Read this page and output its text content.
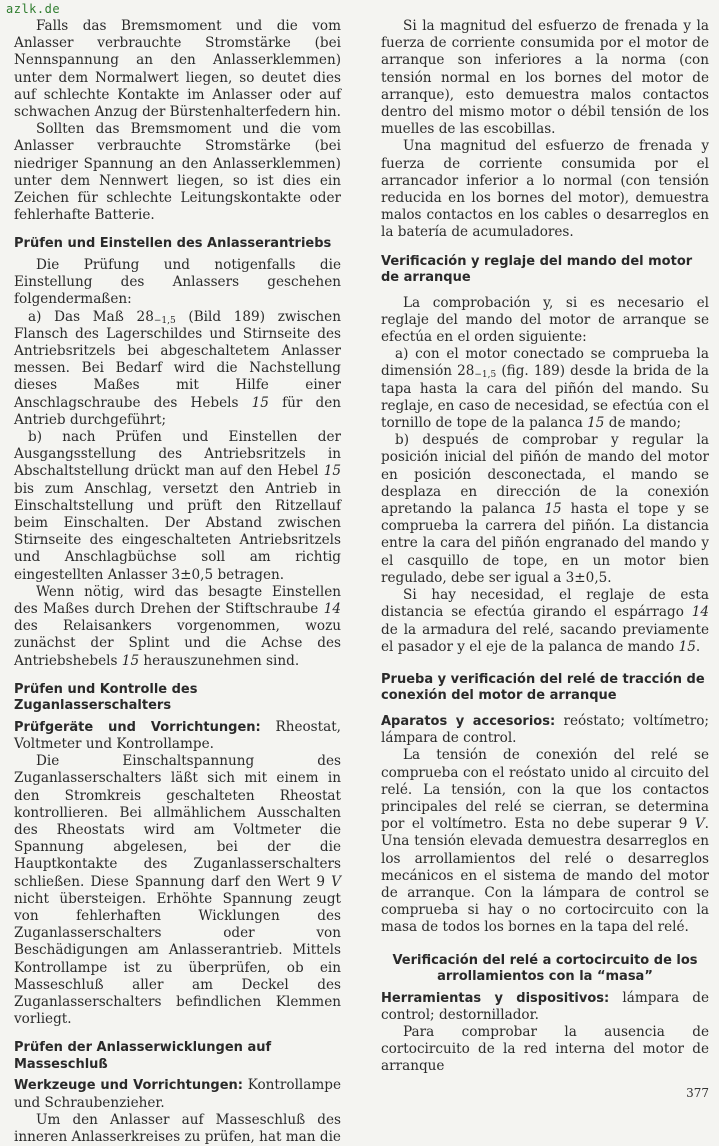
azlk.de

Falls das Bremsmoment und die vom Anlasser verbrauchte Stromstärke (bei Nennspannung an den Anlasserklemmen) unter dem Normalwert liegen, so deutet dies auf schlechte Kontakte im Anlasser oder auf schwachen Anzug der Bürstenhalterfedern hin.

Sollten das Bremsmoment und die vom Anlasser verbrauchte Stromstärke (bei niedriger Spannung an den Anlasserklemmen) unter dem Nennwert liegen, so ist dies ein Zeichen für schlechte Leitungskontakte oder fehlerhafte Batterie.

Prüfen und Einstellen des Anlasserantriebs

Die Prüfung und notigenfalls die Einstellung des Anlassers geschehen folgendermaßen:

a) Das Maß $28_{-1,5}$ (Bild 189) zwischen Flansch des Lagerschildes und Stirnseite des Antriebsritzels bei abgeschaltetem Anlasser messen. Bei Bedarf wird die Nachstellung dieses Maßes mit Hilfe einer Anschlagschraube des Hebels 15 für den Antrieb durchgeführt;

b) nach Prüfen und Einstellen der Ausgangsstellung des Antriebsritzels in Abschaltstellung drückt man auf den Hebel 15 bis zum Anschlag, versetzt den Antrieb in Einschaltstellung und prüft den Ritzellauf beim Einschalten. Der Abstand zwischen Stirnseite des eingeschalteten Antriebsritzels und Anschlagbüchse soll am richtig eingestellten Anlasser 3±0,5 betragen.

Wenn nötig, wird das besagte Einstellen des Maßes durch Drehen der Stiftschraube 14 des Relaisankers vorgenommen, wozu zunächst der Splint und die Achse des Antriebshebels 15 herauszunehmen sind.

Prüfen und Kontrolle des Zuganlasserschalters

Prüfgeräte und Vorrichtungen: Rheostat, Voltmeter und Kontrollampe.

Die Einschaltspannung des Zuganlasserschalters läßt sich mit einem in den Stromkreis geschalteten Rheostat kontrollieren. Bei allmählichem Ausschalten des Rheostats wird am Voltmeter die Spannung abgelesen, bei der die Hauptkontakte des Zuganlasserschalters schließen. Diese Spannung darf den Wert 9 V nicht übersteigen. Erhöhte Spannung zeugt von fehlerhaften Wicklungen des Zuganlasserschalters oder von Beschädigungen am Anlasserantrieb. Mittels Kontrollampe ist zu überprüfen, ob ein Masseschluß aller am Deckel des Zuganlasserschalters befindlichen Klemmen vorliegt.

Prüfen der Anlasserwicklungen auf Masseschluß

Werkzeuge und Vorrichtungen: Kontrollampe und Schraubenzieher.

Um den Anlasser auf Masseschluß des inneren Anlasserkreises zu prüfen, hat man die

Si la magnitud del esfuerzo de frenada y la fuerza de corriente consumida por el motor de arranque son inferiores a la norma (con tensión normal en los bornes del motor de arranque), esto demuestra malos contactos dentro del mismo motor o débil tensión de los muelles de las escobillas.

Una magnitud del esfuerzo de frenada y fuerza de corriente consumida por el arrancador inferior a lo normal (con tensión reducida en los bornes del motor), demuestra malos contactos en los cables o desarreglos en la batería de acumuladores.

Verificación y reglaje del mando del motor de arranque

La comprobación y, si es necesario el reglaje del mando del motor de arranque se efectúa en el orden siguiente:

a) con el motor conectado se comprueba la dimensión $28_{-1,5}$ (fig. 189) desde la brida de la tapa hasta la cara del piñón del mando. Su reglaje, en caso de necesidad, se efectúa con el tornillo de tope de la palanca 15 de mando;

b) después de comprobar y regular la posición inicial del piñón de mando del motor en posición desconectada, el mando se desplaza en dirección de la conexión apretando la palanca 15 hasta el tope y se comprueba la carrera del piñón. La distancia entre la cara del piñón engranado del mando y el casquillo de tope, en un motor bien regulado, debe ser igual a 3±0,5.

Si hay necesidad, el reglaje de esta distancia se efectúa girando el espárrago 14 de la armadura del relé, sacando previamente el pasador y el eje de la palanca de mando 15.

Prueba y verificación del relé de tracción de conexión del motor de arranque

Aparatos y accesorios: reóstato; voltímetro; lámpara de control.

La tensión de conexión del relé se comprueba con el reóstato unido al circuito del relé. La tensión, con la que los contactos principales del relé se cierran, se determina por el voltímetro. Esta no debe superar 9 V. Una tensión elevada demuestra desarreglos en los arrollamientos del relé o desarreglos mecánicos en el sistema de mando del motor de arranque. Con la lámpara de control se comprueba si hay o no cortocircuito con la masa de todos los bornes en la tapa del relé.

Verificación del relé a cortocircuito de los arrollamientos con la “masa”

Herramientas y dispositivos: lámpara de control; destornillador.

Para comprobar la ausencia de cortocircuito de la red interna del motor de arranque

377
